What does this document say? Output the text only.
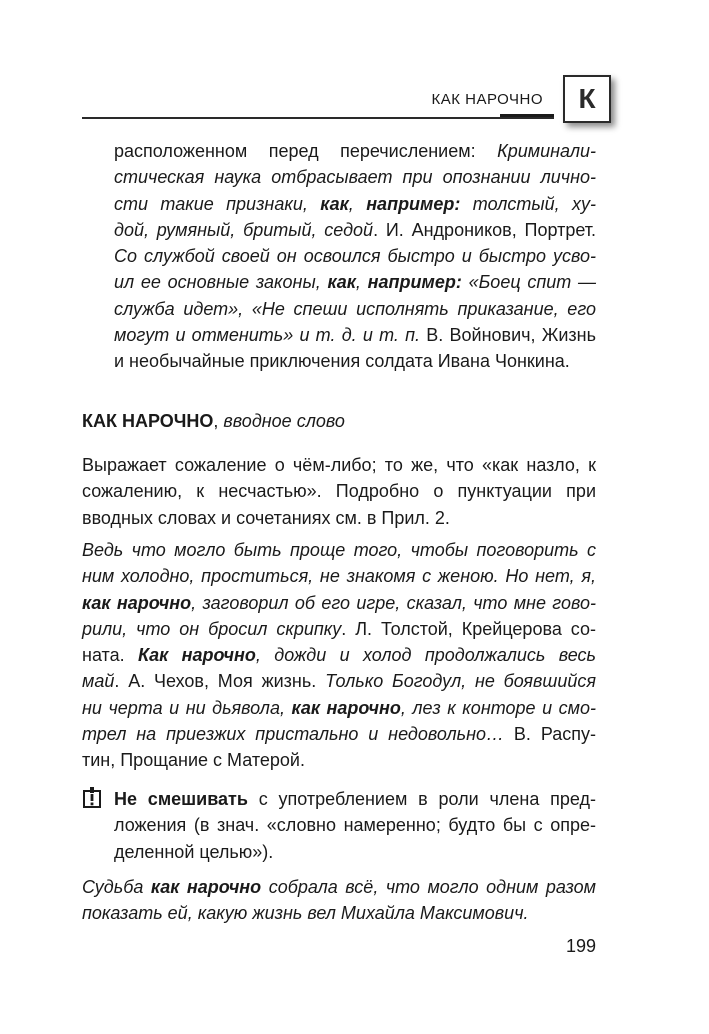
КАК НАРОЧНО	К
расположенном перед перечислением: Криминали-
стическая наука отбрасывает при опознании лично-
сти такие признаки, как, например: толстый, ху-
дой, румяный, бритый, седой. И. Андроников, Портрет.
Со службой своей он освоился быстро и быстро усво-
ил ее основные законы, как, например: «Боец спит —
служба идет», «Не спеши исполнять приказание, его
могут и отменить» и т. д. и т. п. В. Войнович, Жизнь
и необычайные приключения солдата Ивана Чонкина.
КАК НАРОЧНО, вводное слово
Выражает сожаление о чём-либо; то же, что «как назло, к
сожалению, к несчастью». Подробно о пунктуации при
вводных словах и сочетаниях см. в Прил. 2.
Ведь что могло быть проще того, чтобы поговорить с
ним холодно, проститься, не знакомя с женою. Но нет, я,
как нарочно, заговорил об его игре, сказал, что мне гово-
рили, что он бросил скрипку. Л. Толстой, Крейцерова со-
ната. Как нарочно, дожди и холод продолжались весь
май. А. Чехов, Моя жизнь. Только Богодул, не боявшийся
ни черта и ни дьявола, как нарочно, лез к конторе и смо-
трел на приезжих пристально и недовольно… В. Распу-
тин, Прощание с Матерой.
Не смешивать с употреблением в роли члена пред-
ложения (в знач. «словно намеренно; будто бы с опре-
деленной целью»).
Судьба как нарочно собрала всё, что могло одним разом
показать ей, какую жизнь вел Михайла Максимович.
199
